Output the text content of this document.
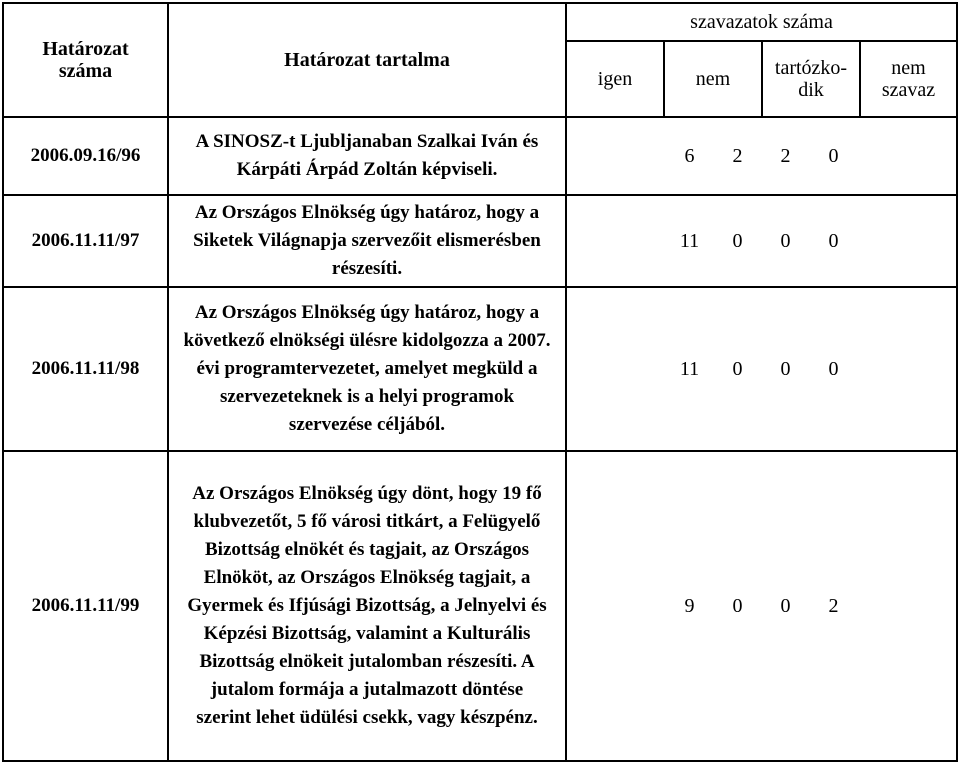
Határozat száma	Határozat tartalma	szavazatok száma			
		igen	nem	tartózko-dik	nem szavaz
2006.09.16/96	A SINOSZ-t Ljubljanaban Szalkai Iván és Kárpáti Árpád Zoltán képviseli.	6 2 2 0			
2006.11.11/97	Az Országos Elnökség úgy határoz, hogy a Siketek Világnapja szervezőit elismerésben részesíti.	11 0 0 0			
2006.11.11/98	Az Országos Elnökség úgy határoz, hogy a következő elnökségi ülésre kidolgozza a 2007. évi programtervezetet, amelyet megküld a szervezeteknek is a helyi programok szervezése céljából.	11 0 0 0			
2006.11.11/99	Az Országos Elnökség úgy dönt, hogy 19 fő klubvezetőt, 5 fő városi titkárt, a Felügyelő Bizottság elnökét és tagjait, az Országos Elnököt, az Országos Elnökség tagjait, a Gyermek és Ifjúsági Bizottság, a Jelnyelvi és Képzési Bizottság, valamint a Kulturális Bizottság elnökeit jutalomban részesíti. A jutalom formája a jutalmazott döntése szerint lehet üdülési csekk, vagy készpénz.	9 0 0 2			
